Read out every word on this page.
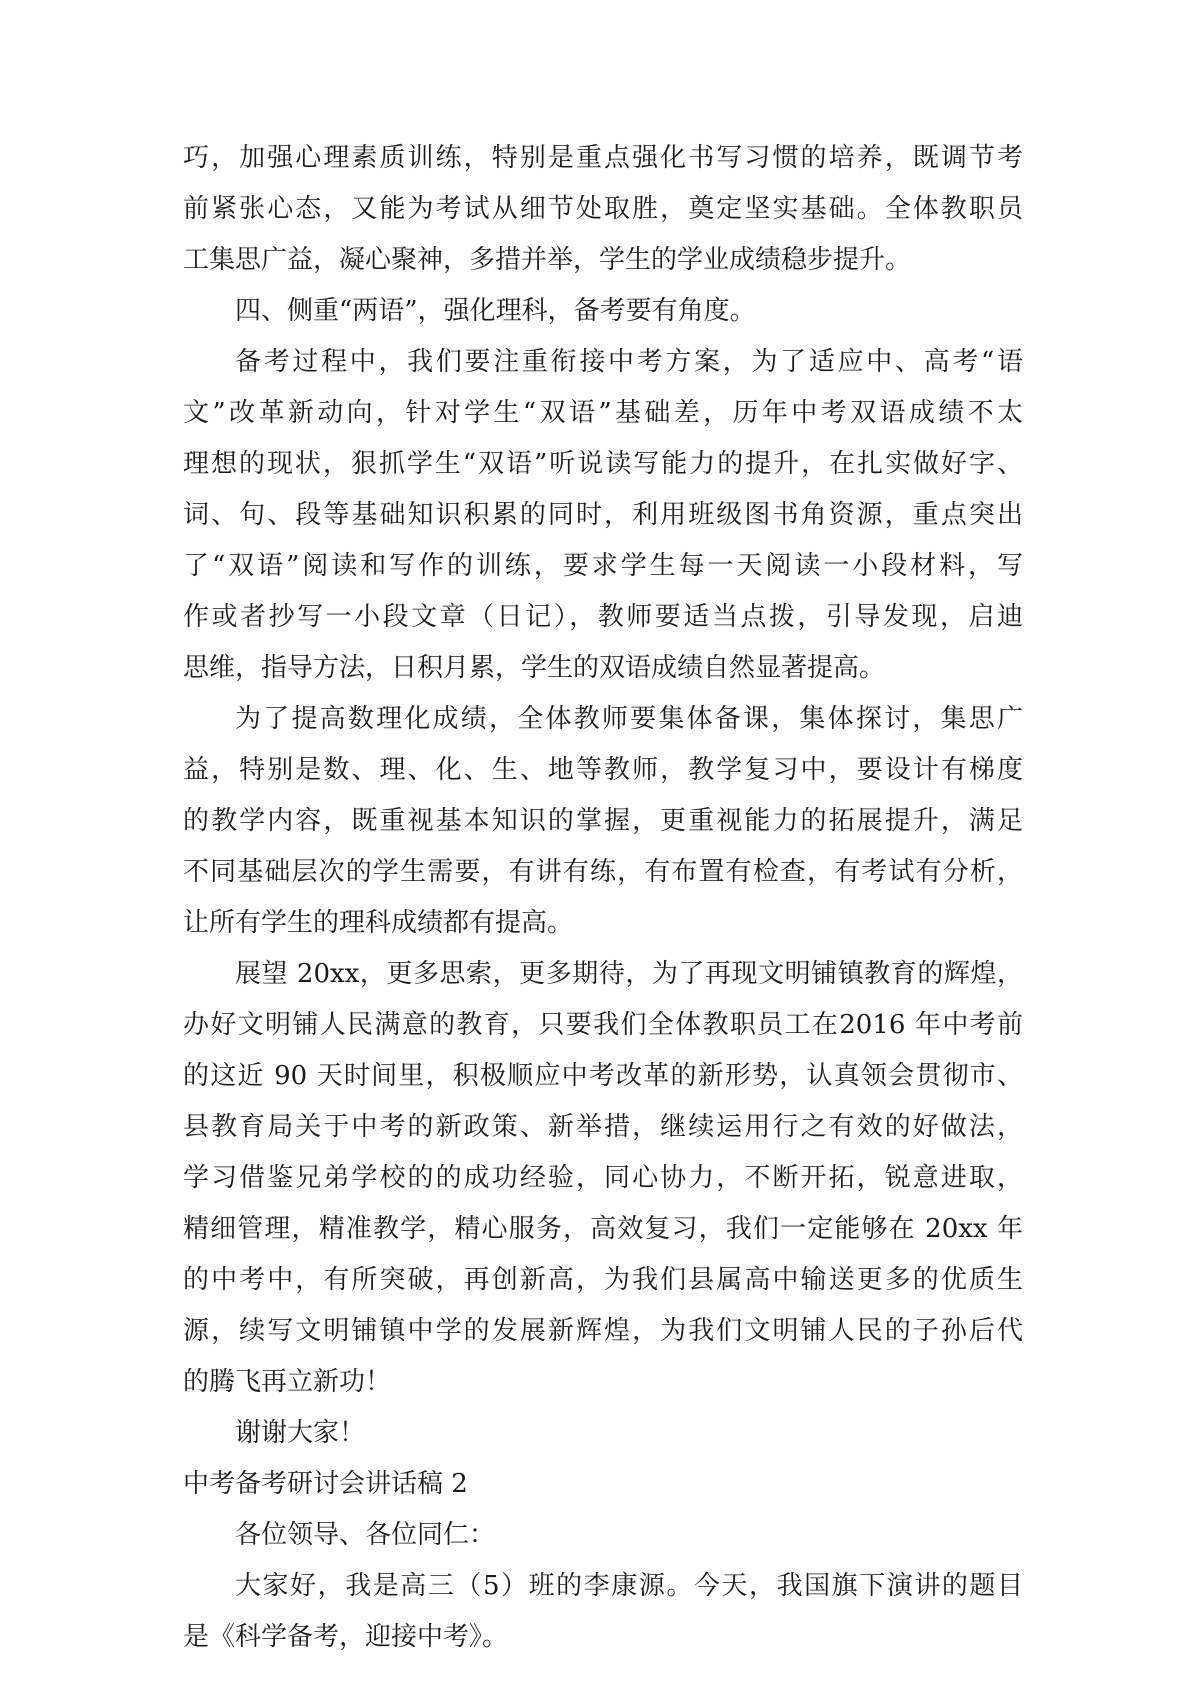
巧，加强心理素质训练，特别是重点强化书写习惯的培养，既调节考
前紧张心态，又能为考试从细节处取胜，奠定坚实基础。全体教职员
工集思广益，凝心聚神，多措并举，学生的学业成绩稳步提升。
四、侧重“两语”，强化理科，备考要有角度。
备考过程中，我们要注重衔接中考方案，为了适应中、高考“语
文”改革新动向，针对学生“双语”基础差，历年中考双语成绩不太
理想的现状，狠抓学生“双语”听说读写能力的提升，在扎实做好字、
词、句、段等基础知识积累的同时，利用班级图书角资源，重点突出
了“双语”阅读和写作的训练，要求学生每一天阅读一小段材料，写
作或者抄写一小段文章（日记），教师要适当点拨，引导发现，启迪
思维，指导方法，日积月累，学生的双语成绩自然显著提高。
为了提高数理化成绩，全体教师要集体备课，集体探讨，集思广
益，特别是数、理、化、生、地等教师，教学复习中，要设计有梯度
的教学内容，既重视基本知识的掌握，更重视能力的拓展提升，满足
不同基础层次的学生需要，有讲有练，有布置有检查，有考试有分析，
让所有学生的理科成绩都有提高。
展望 20xx，更多思索，更多期待，为了再现文明铺镇教育的辉煌，
办好文明铺人民满意的教育，只要我们全体教职员工在2016 年中考前
的这近 90 天时间里，积极顺应中考改革的新形势，认真领会贯彻市、
县教育局关于中考的新政策、新举措，继续运用行之有效的好做法，
学习借鉴兄弟学校的的成功经验，同心协力，不断开拓，锐意进取，
精细管理，精准教学，精心服务，高效复习，我们一定能够在 20xx 年
的中考中，有所突破，再创新高，为我们县属高中输送更多的优质生
源，续写文明铺镇中学的发展新辉煌，为我们文明铺人民的子孙后代
的腾飞再立新功！
谢谢大家！
中考备考研讨会讲话稿 2
各位领导、各位同仁：
大家好，我是高三（5）班的李康源。今天，我国旗下演讲的题目
是《科学备考，迎接中考》。
